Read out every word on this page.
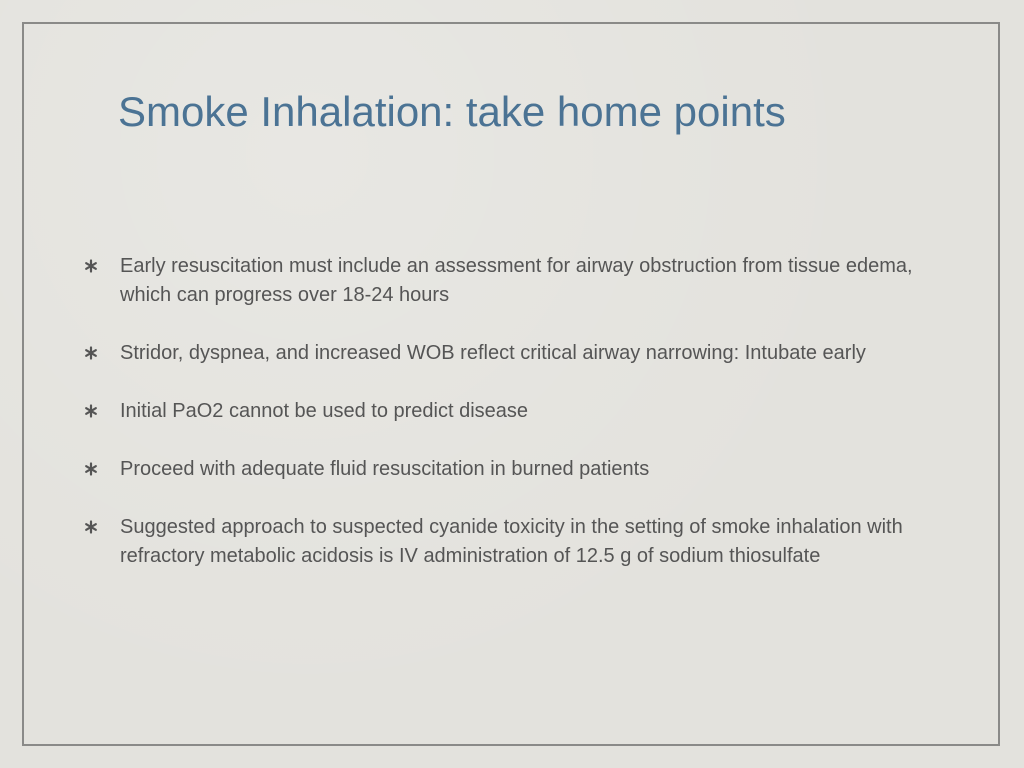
Smoke Inhalation: take home points
Early resuscitation must include an assessment for airway obstruction from tissue edema, which can progress over 18-24 hours
Stridor, dyspnea, and increased WOB reflect critical airway narrowing: Intubate early
Initial PaO2 cannot be used to predict disease
Proceed with adequate fluid resuscitation in burned patients
Suggested approach to suspected cyanide toxicity in the setting of smoke inhalation with refractory metabolic acidosis is IV administration of 12.5 g of sodium thiosulfate
